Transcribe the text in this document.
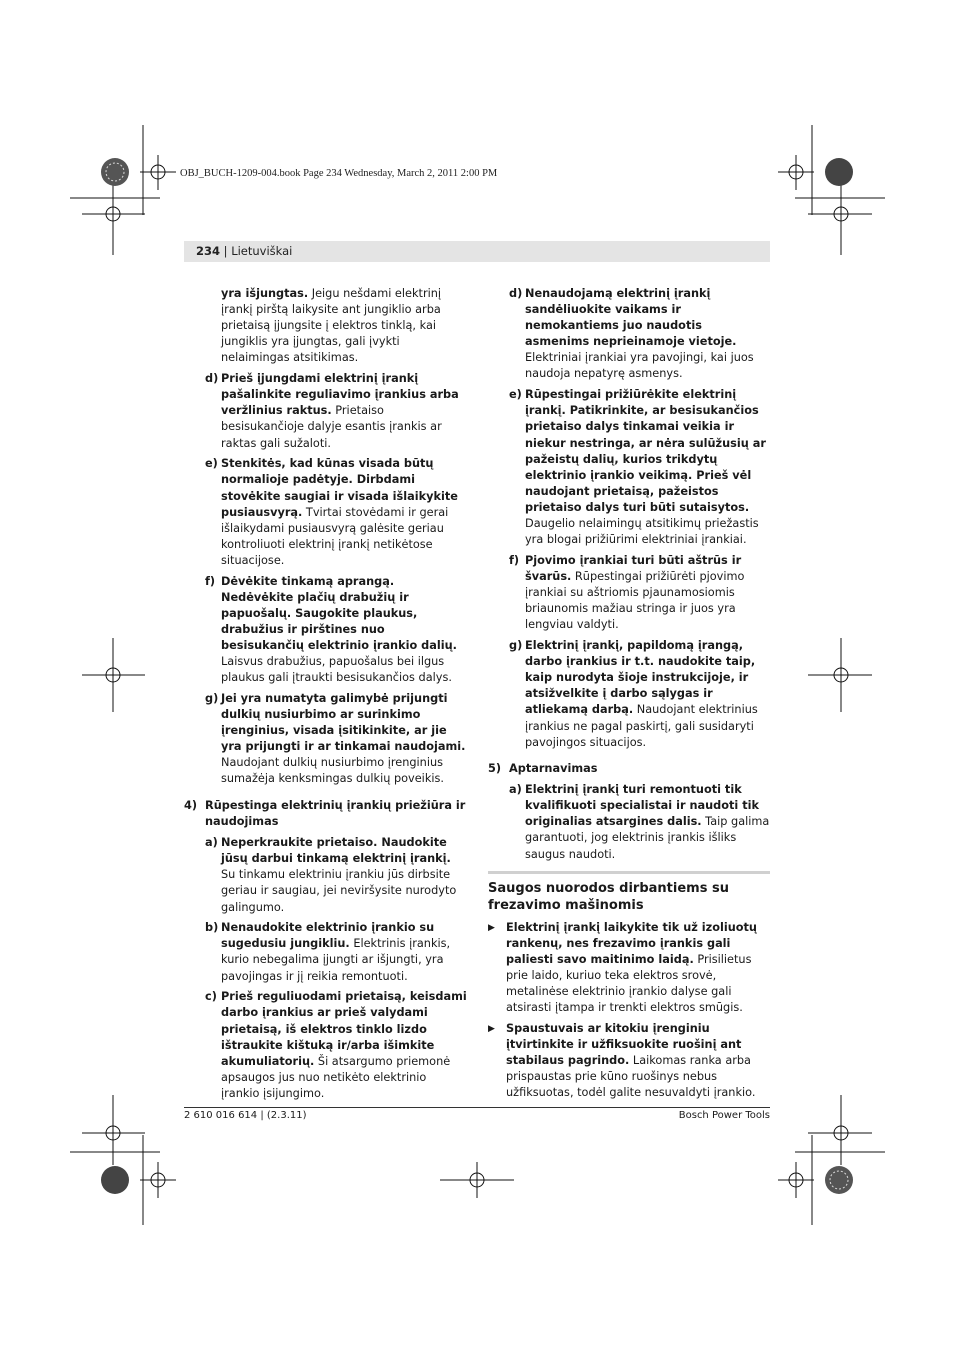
OBJ_BUCH-1209-004.book Page 234 Wednesday, March 2, 2011 2:00 PM
234 | Lietuviškai
yra išjungtas. Jeigu nešdami elektrinį įrankį pirštą laikysite ant jungiklio arba prietaisą įjungsite į elektros tinklą, kai jungiklis yra įjungtas, gali įvykti nelaimingas atsitikimas.
d) Prieš įjungdami elektrinį įrankį pašalinkite reguliavimo įrankius arba veržlinius raktus. Prietaiso besisukančioje dalyje esantis įrankis ar raktas gali sužaloti.
e) Stenkitės, kad kūnas visada būtų normalioje padėtyje. Dirbdami stovėkite saugiai ir visada išlaikykite pusiausvyrą. Tvirtai stovėdami ir gerai išlaikydami pusiausvyrą galėsite geriau kontroliuoti elektrinį įrankį netikėtose situacijose.
f) Dėvėkite tinkamą aprangą. Nedėvėkite plačių drabužių ir papuošalų. Saugokite plaukus, drabužius ir pirštines nuo besisukančių elektrinio įrankio dalių. Laisvus drabužius, papuošalus bei ilgus plaukus gali įtraukti besisukančios dalys.
g) Jei yra numatyta galimybė prijungti dulkių nusiurbimo ar surinkimo įrenginius, visada įsitikinkite, ar jie yra prijungti ir ar tinkamai naudojami. Naudojant dulkių nusiurbimo įrenginius sumažėja kenksmingas dulkių poveikis.
4) Rūpestinga elektrinių įrankių priežiūra ir naudojimas
a) Neperkraukite prietaiso. Naudokite jūsų darbui tinkamą elektrinį įrankį. Su tinkamu elektriniu įrankiu jūs dirbsite geriau ir saugiau, jei neviršysite nurodyto galingumo.
b) Nenaudokite elektrinio įrankio su sugedusiu jungikliu. Elektrinis įrankis, kurio nebegalima įjungti ar išjungti, yra pavojingas ir jį reikia remontuoti.
c) Prieš reguliuodami prietaisą, keisdami darbo įrankius ar prieš valydami prietaisą, iš elektros tinklo lizdo ištraukite kištuką ir/arba išimkite akumuliatorių. Ši atsargumo priemonė apsaugos jus nuo netikėto elektrinio įrankio įsijungimo.
d) Nenaudojamą elektrinį įrankį sandėliuokite vaikams ir nemokantiems juo naudotis asmenims neprieinamoje vietoje. Elektriniai įrankiai yra pavojingi, kai juos naudoja nepatyrę asmenys.
e) Rūpestingai prižiūrėkite elektrinį įrankį. Patikrinkite, ar besisukančios prietaiso dalys tinkamai veikia ir niekur nestringa, ar nėra sulūžusių ar pažeistų dalių, kurios trikdytų elektrinio įrankio veikimą. Prieš vėl naudojant prietaisą, pažeistos prietaiso dalys turi būti sutaisytos. Daugelio nelaimingų atsitikimų priežastis yra blogai prižiūrimi elektriniai įrankiai.
f) Pjovimo įrankiai turi būti aštrūs ir švarūs. Rūpestingai prižiūrėti pjovimo įrankiai su aštriomis pjaunamosiomis briaunomis mažiau stringa ir juos yra lengviau valdyti.
g) Elektrinį įrankį, papildomą įrangą, darbo įrankius ir t.t. naudokite taip, kaip nurodyta šioje instrukcijoje, ir atsižvelkite į darbo sąlygas ir atliekamą darbą. Naudojant elektrinius įrankius ne pagal paskirtį, gali susidaryti pavojingos situacijos.
5) Aptarnavimas
a) Elektrinį įrankį turi remontuoti tik kvalifikuoti specialistai ir naudoti tik originalias atsargines dalis. Taip galima garantuoti, jog elektrinis įrankis išliks saugus naudoti.
Saugos nuorodos dirbantiems su frezavimo mašinomis
▶ Elektrinį įrankį laikykite tik už izoliuotų rankenų, nes frezavimo įrankis gali paliesti savo maitinimo laidą. Prisilietus prie laido, kuriuo teka elektros srovė, metalinėse elektrinio įrankio dalyse gali atsirasti įtampa ir trenkti elektros smūgis.
▶ Spaustuvais ar kitokiu įrenginiu įtvirtinkite ir užfiksuokite ruošinį ant stabilaus pagrindo. Laikomas ranka arba prispaustas prie kūno ruošinys nebus užfiksuotas, todėl galite nesuvaldyti įrankio.
2 610 016 614 | (2.3.11)	Bosch Power Tools
